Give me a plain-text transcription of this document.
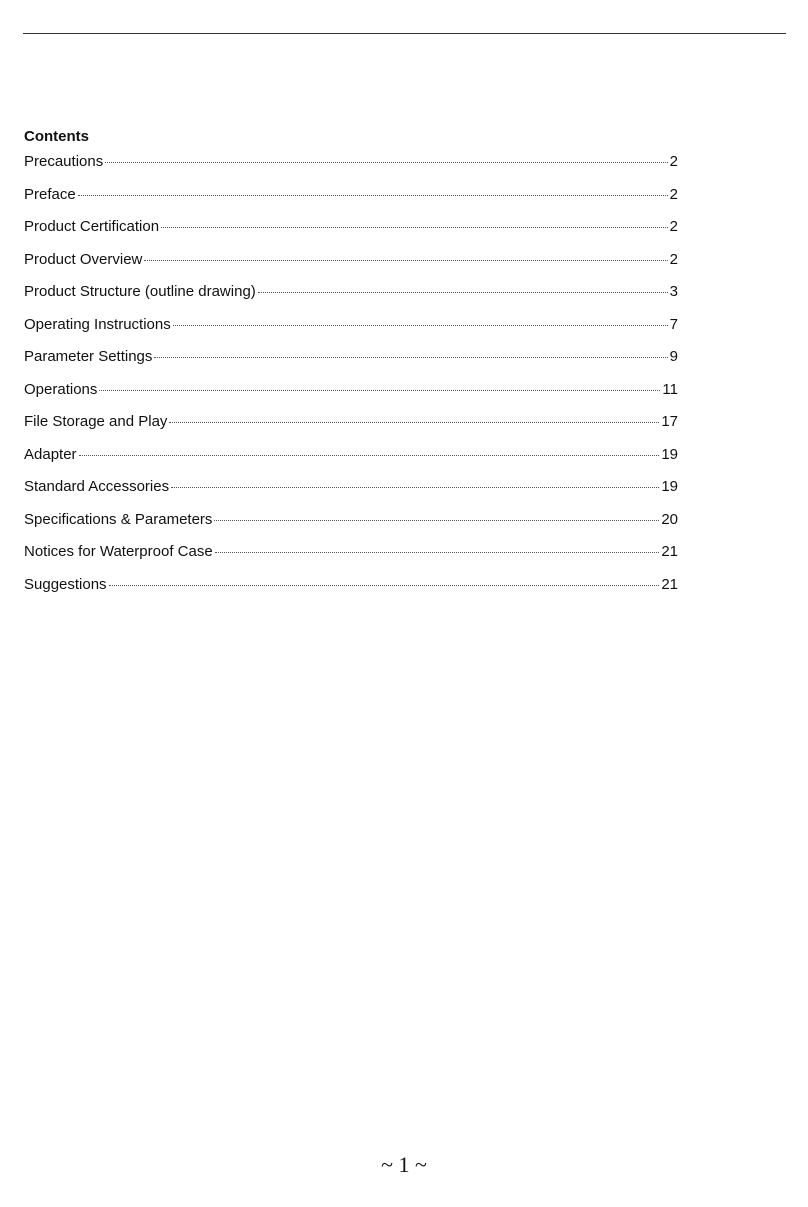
Contents
Precautions	2
Preface	2
Product Certification	2
Product Overview	2
Product Structure (outline drawing)	3
Operating Instructions	7
Parameter Settings	9
Operations	11
File Storage and Play	17
Adapter	19
Standard Accessories	19
Specifications & Parameters	20
Notices for Waterproof Case	21
Suggestions	21
~ 1 ~
